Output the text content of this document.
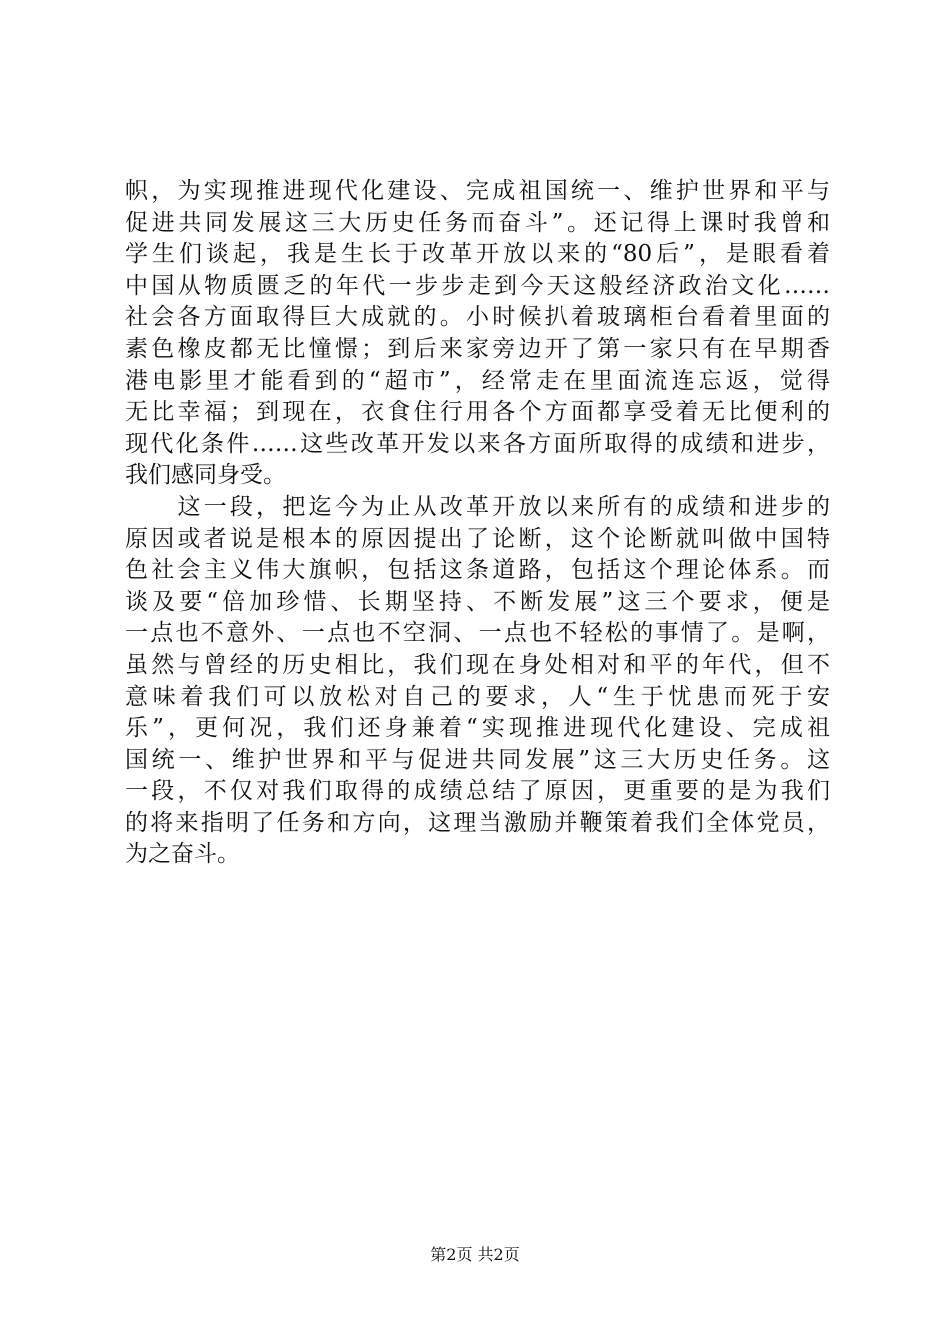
帜，为实现推进现代化建设、完成祖国统一、维护世界和平与
促进共同发展这三大历史任务而奋斗”。还记得上课时我曾和
学生们谈起，我是生长于改革开放以来的“80后”，是眼看着
中国从物质匮乏的年代一步步走到今天这般经济政治文化……
社会各方面取得巨大成就的。小时候扒着玻璃柜台看着里面的
素色橡皮都无比憧憬；到后来家旁边开了第一家只有在早期香
港电影里才能看到的“超市”，经常走在里面流连忘返，觉得
无比幸福；到现在，衣食住行用各个方面都享受着无比便利的
现代化条件……这些改革开发以来各方面所取得的成绩和进步，
我们感同身受。
　　这一段，把迄今为止从改革开放以来所有的成绩和进步的
原因或者说是根本的原因提出了论断，这个论断就叫做中国特
色社会主义伟大旗帜，包括这条道路，包括这个理论体系。而
谈及要“倍加珍惜、长期坚持、不断发展”这三个要求，便是
一点也不意外、一点也不空洞、一点也不轻松的事情了。是啊，
虽然与曾经的历史相比，我们现在身处相对和平的年代，但不
意味着我们可以放松对自己的要求，人“生于忧患而死于安
乐”，更何况，我们还身兼着“实现推进现代化建设、完成祖
国统一、维护世界和平与促进共同发展”这三大历史任务。这
一段，不仅对我们取得的成绩总结了原因，更重要的是为我们
的将来指明了任务和方向，这理当激励并鞭策着我们全体党员，
为之奋斗。
第2页 共2页
